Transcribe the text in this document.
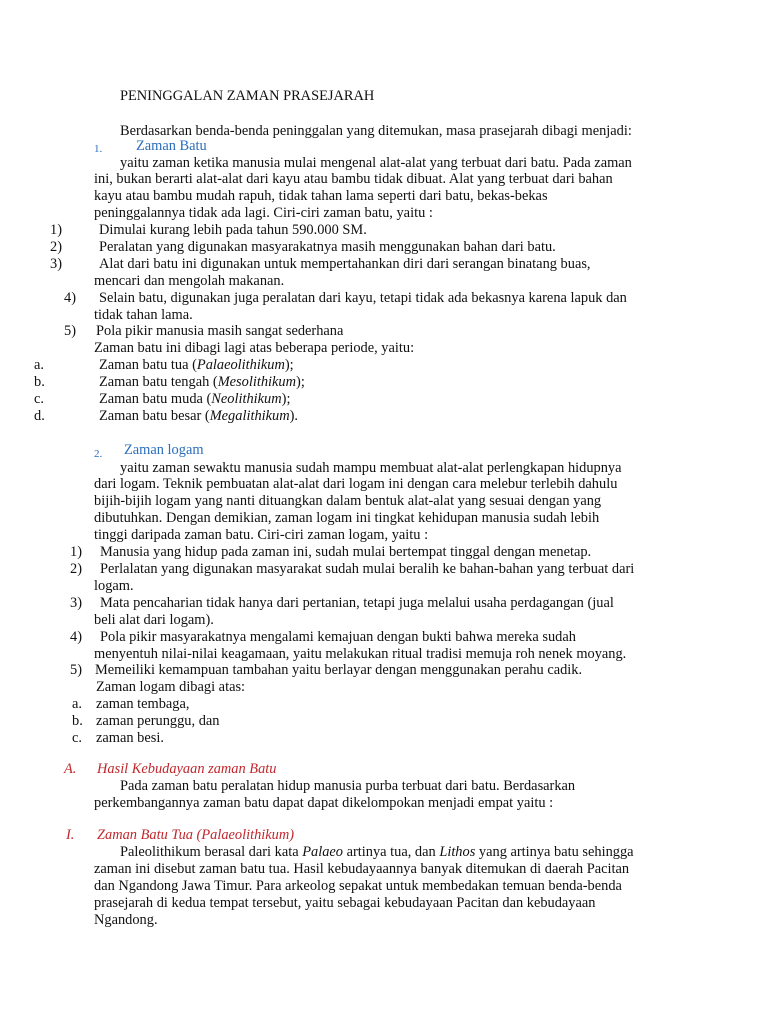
PENINGGALAN ZAMAN PRASEJARAH
Berdasarkan benda-benda peninggalan yang ditemukan, masa prasejarah dibagi menjadi:
1. Zaman Batu
yaitu zaman ketika manusia mulai mengenal alat-alat yang terbuat dari batu. Pada zaman
ini, bukan berarti alat-alat dari kayu atau bambu tidak dibuat. Alat yang terbuat dari bahan
kayu atau bambu mudah rapuh, tidak tahan lama seperti dari batu, bekas-bekas
peninggalannya tidak ada lagi. Ciri-ciri zaman batu, yaitu :
1)	Dimulai kurang lebih pada tahun 590.000 SM.
2)	Peralatan yang digunakan masyarakatnya masih menggunakan bahan dari batu.
3)	Alat dari batu ini digunakan untuk mempertahankan diri dari serangan binatang buas,
mencari dan mengolah makanan.
4) Selain batu, digunakan juga peralatan dari kayu, tetapi tidak ada bekasnya karena lapuk dan
tidak tahan lama.
5) Pola pikir manusia masih sangat sederhana
Zaman batu ini dibagi lagi atas beberapa periode, yaitu:
a.	Zaman batu tua (Palaeolithikum);
b.	Zaman batu tengah (Mesolithikum);
c.	Zaman batu muda (Neolithikum);
d.	Zaman batu besar (Megalithikum).
2. Zaman logam
yaitu zaman sewaktu manusia sudah mampu membuat alat-alat perlengkapan hidupnya
dari logam. Teknik pembuatan alat-alat dari logam ini dengan cara melebur terlebih dahulu
bijih-bijih logam yang nanti dituangkan dalam bentuk alat-alat yang sesuai dengan yang
dibutuhkan. Dengan demikian, zaman logam ini tingkat kehidupan manusia sudah lebih
tinggi daripada zaman batu. Ciri-ciri zaman logam, yaitu :
1) Manusia yang hidup pada zaman ini, sudah mulai bertempat tinggal dengan menetap.
2) Perlalatan yang digunakan masyarakat sudah mulai beralih ke bahan-bahan yang terbuat dari
logam.
3) Mata pencaharian tidak hanya dari pertanian, tetapi juga melalui usaha perdagangan (jual
beli alat dari logam).
4) Pola pikir masyarakatnya mengalami kemajuan dengan bukti bahwa mereka sudah
menyentuh nilai-nilai keagamaan, yaitu melakukan ritual tradisi memuja roh nenek moyang.
5) Memeiliki kemampuan tambahan yaitu berlayar dengan menggunakan perahu cadik.
Zaman logam dibagi atas:
a. zaman tembaga,
b. zaman perunggu, dan
c. zaman besi.
A. Hasil Kebudayaan zaman Batu
Pada zaman batu peralatan hidup manusia purba terbuat dari batu. Berdasarkan
perkembangannya zaman batu dapat dapat dikelompokan menjadi empat yaitu :
I. Zaman Batu Tua (Palaeolithikum)
Paleolithikum berasal dari kata Palaeo artinya tua, dan Lithos yang artinya batu sehingga
zaman ini disebut zaman batu tua. Hasil kebudayaannya banyak ditemukan di daerah Pacitan
dan Ngandong Jawa Timur. Para arkeolog sepakat untuk membedakan temuan benda-benda
prasejarah di kedua tempat tersebut, yaitu sebagai kebudayaan Pacitan dan kebudayaan
Ngandong.
